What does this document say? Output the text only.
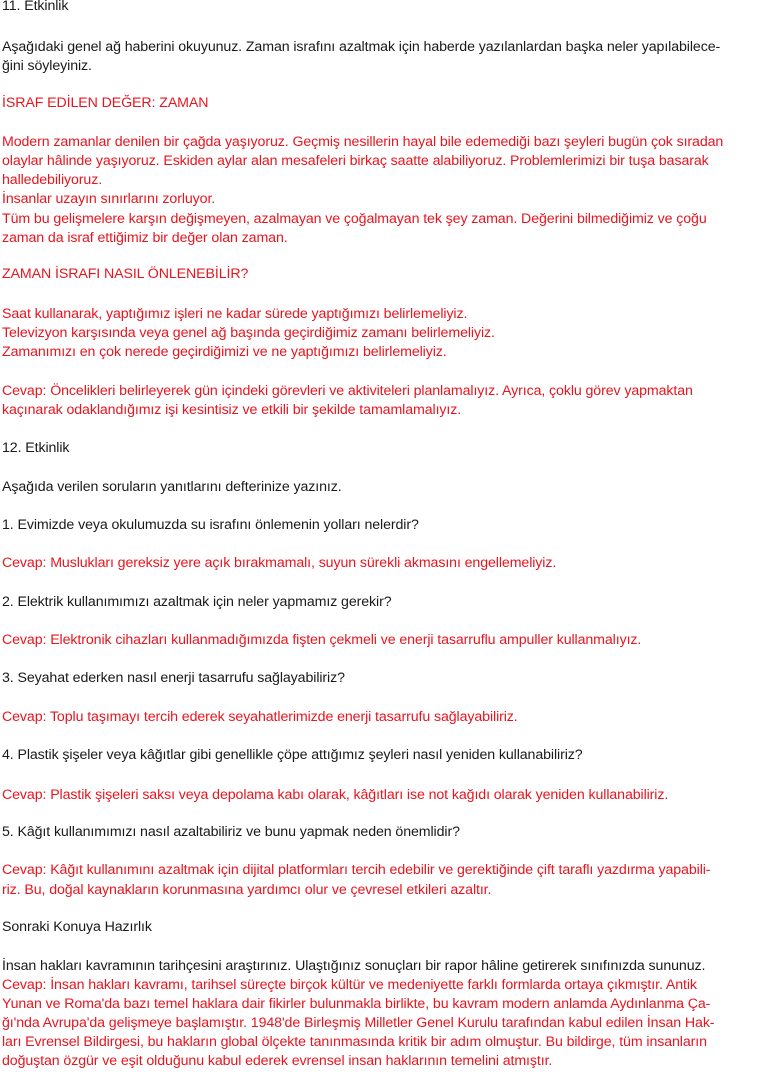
11. Etkinlik
Aşağıdaki genel ağ haberini okuyunuz. Zaman israfını azaltmak için haberde yazılanlardan başka neler yapılabilece-
ğini söyleyiniz.
İSRAF EDİLEN DEĞER: ZAMAN
Modern zamanlar denilen bir çağda yaşıyoruz. Geçmiş nesillerin hayal bile edemediği bazı şeyleri bugün çok sıradan
olaylar hâlinde yaşıyoruz. Eskiden aylar alan mesafeleri birkaç saatte alabiliyoruz. Problemlerimizi bir tuşa basarak
halledebiliyoruz.
İnsanlar uzayın sınırlarını zorluyor.
Tüm bu gelişmelere karşın değişmeyen, azalmayan ve çoğalmayan tek şey zaman. Değerini bilmediğimiz ve çoğu
zaman da israf ettiğimiz bir değer olan zaman.
ZAMAN İSRAFI NASIL ÖNLENEBİLİR?
Saat kullanarak, yaptığımız işleri ne kadar sürede yaptığımızı belirlemeliyiz.
Televizyon karşısında veya genel ağ başında geçirdiğimiz zamanı belirlemeliyiz.
Zamanımızı en çok nerede geçirdiğimizi ve ne yaptığımızı belirlemeliyiz.
Cevap: Öncelikleri belirleyerek gün içindeki görevleri ve aktiviteleri planlamalıyız. Ayrıca, çoklu görev yapmaktan
kaçınarak odaklandığımız işi kesintisiz ve etkili bir şekilde tamamlamalıyız.
12. Etkinlik
Aşağıda verilen soruların yanıtlarını defterinize yazınız.
1. Evimizde veya okulumuzda su israfını önlemenin yolları nelerdir?
Cevap: Muslukları gereksiz yere açık bırakmamalı, suyun sürekli akmasını engellemeliyiz.
2. Elektrik kullanımımızı azaltmak için neler yapmamız gerekir?
Cevap: Elektronik cihazları kullanmadığımızda fişten çekmeli ve enerji tasarruflu ampuller kullanmalıyız.
3. Seyahat ederken nasıl enerji tasarrufu sağlayabiliriz?
Cevap: Toplu taşımayı tercih ederek seyahatlerimizde enerji tasarrufu sağlayabiliriz.
4. Plastik şişeler veya kâğıtlar gibi genellikle çöpe attığımız şeyleri nasıl yeniden kullanabiliriz?
Cevap: Plastik şişeleri saksı veya depolama kabı olarak, kâğıtları ise not kağıdı olarak yeniden kullanabiliriz.
5. Kâğıt kullanımımızı nasıl azaltabiliriz ve bunu yapmak neden önemlidir?
Cevap: Kâğıt kullanımını azaltmak için dijital platformları tercih edebilir ve gerektiğinde çift taraflı yazdırma yapabili-
riz. Bu, doğal kaynakların korunmasına yardımcı olur ve çevresel etkileri azaltır.
Sonraki Konuya Hazırlık
İnsan hakları kavramının tarihçesini araştırınız. Ulaştığınız sonuçları bir rapor hâline getirerek sınıfınızda sununuz.
Cevap: İnsan hakları kavramı, tarihsel süreçte birçok kültür ve medeniyette farklı formlarda ortaya çıkmıştır. Antik
Yunan ve Roma'da bazı temel haklara dair fikirler bulunmakla birlikte, bu kavram modern anlamda Aydınlanma Ça-
ğı'nda Avrupa'da gelişmeye başlamıştır. 1948'de Birleşmiş Milletler Genel Kurulu tarafından kabul edilen İnsan Hak-
ları Evrensel Bildirgesi, bu hakların global ölçekte tanınmasında kritik bir adım olmuştur. Bu bildirge, tüm insanların
doğuştan özgür ve eşit olduğunu kabul ederek evrensel insan haklarının temelini atmıştır.
